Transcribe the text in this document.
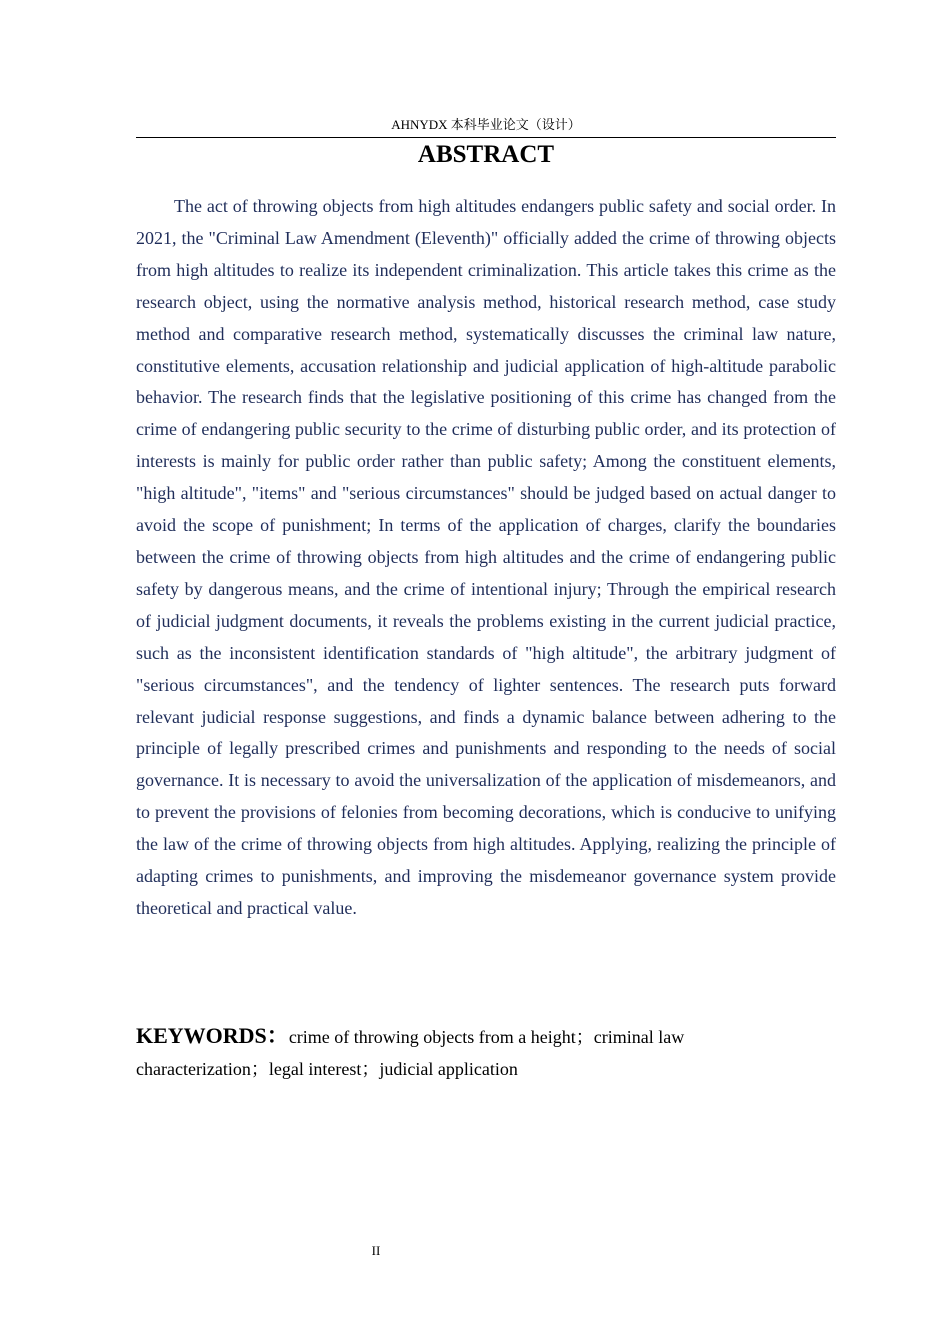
AHNYDX 本科毕业论文（设计）
ABSTRACT

The act of throwing objects from high altitudes endangers public safety and social order. In 2021, the "Criminal Law Amendment (Eleventh)" officially added the crime of throwing objects from high altitudes to realize its independent criminalization. This article takes this crime as the research object, using the normative analysis method, historical research method, case study method and comparative research method, systematically discusses the criminal law nature, constitutive elements, accusation relationship and judicial application of high-altitude parabolic behavior. The research finds that the legislative positioning of this crime has changed from the crime of endangering public security to the crime of disturbing public order, and its protection of interests is mainly for public order rather than public safety; Among the constituent elements, "high altitude", "items" and "serious circumstances" should be judged based on actual danger to avoid the scope of punishment; In terms of the application of charges, clarify the boundaries between the crime of throwing objects from high altitudes and the crime of endangering public safety by dangerous means, and the crime of intentional injury; Through the empirical research of judicial judgment documents, it reveals the problems existing in the current judicial practice, such as the inconsistent identification standards of "high altitude", the arbitrary judgment of "serious circumstances", and the tendency of lighter sentences. The research puts forward relevant judicial response suggestions, and finds a dynamic balance between adhering to the principle of legally prescribed crimes and punishments and responding to the needs of social governance. It is necessary to avoid the universalization of the application of misdemeanors, and to prevent the provisions of felonies from becoming decorations, which is conducive to unifying the law of the crime of throwing objects from high altitudes. Applying, realizing the principle of adapting crimes to punishments, and improving the misdemeanor governance system provide theoretical and practical value.

KEYWORDS：crime of throwing objects from a height；criminal law characterization；legal interest；judicial application

II
